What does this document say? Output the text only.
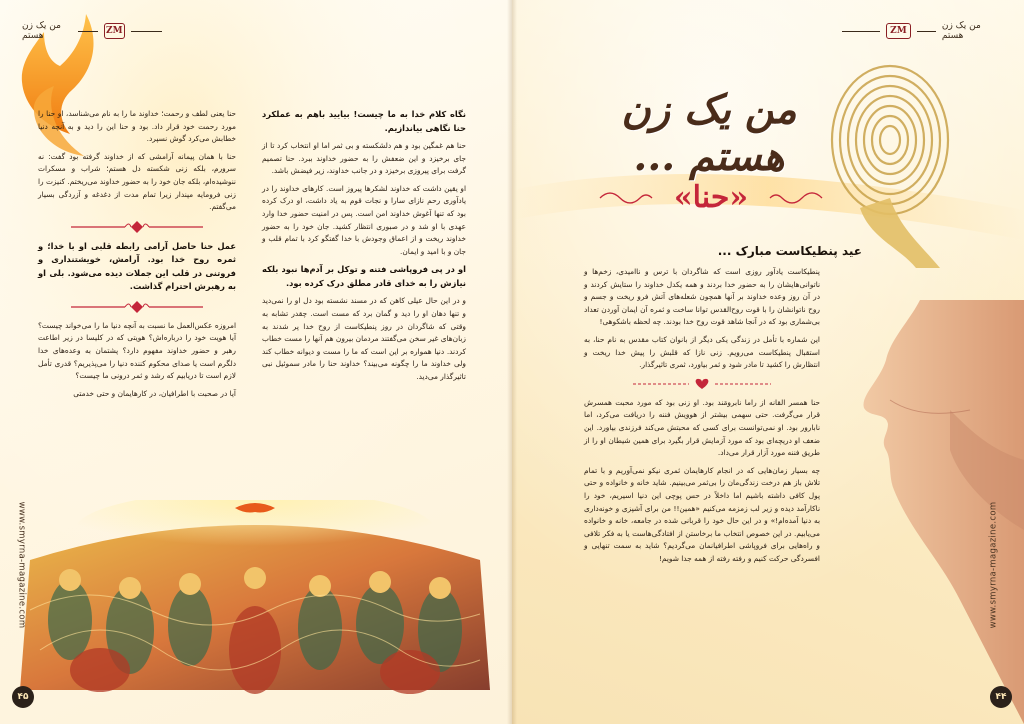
من یک زن هستم	ZM

حنا یعنی لطف و رحمت؛ خداوند ما را به نام می‌شناسد، او حنا را مورد رحمت خود قرار داد. بود و حنا این را دید و به آنچه دنیا خطابش می‌کرد گوش نسپرد.

حنا با همان پیمانه آرامشی که از خداوند گرفته بود گفت: نه سرورم، بلکه زنی شکسته دل هستم؛ شراب و مسکرات ننوشیده‌ام، بلکه جان خود را به حضور خداوند می‌ریختم. کنیزت را زنی فرومایه مپندار زیرا تمام مدت از دغدغه و آزردگی بسیار می‌گفتم.

عمل حنا حاصل آرامی رابطه قلبی او با خدا؛ و ثمره روح خدا بود. آرامش، خویشتنداری و فروتنی در قلب این جملات دیده می‌شود. بلی او به رهبرش احترام گذاشت.

امروزه عکس‌العمل ما نسبت به آنچه دنیا ما را می‌خواند چیست؟ آیا هویت خود را درباره‌اش؟ هویتی که در کلیسا در زیر اطاعت رهبر و حضور خداوند مفهوم دارد؟ پشتمان به وعده‌های خدا دلگرم است یا صدای محکوم کننده دنیا را می‌پذیریم؟ قدری تأمل لازم است تا دریابیم که رشد و ثمر درونی ما چیست؟

آیا در صحبت با اطرافیان، در کارهایمان و حتی خدمتی

نگاه کلام خدا به ما چیست! بیایید باهم به عملکرد حنا نگاهی بیاندازیم.

حنا هم غمگین بود و هم دلشکسته و بی ثمر اما او انتخاب کرد تا از جای برخیزد و این ضعفش را به حضور خداوند ببرد. حنا تصمیم گرفت برای پیروزی برخیزد و در جانب خداوند، زیر فیضش باشد.

او یقین داشت که خداوند لشکرها پیروز است. کارهای خداوند را در یادآوری رحم نازای سارا و نجات قوم به یاد داشت، او درک کرده بود که تنها آغوش خداوند امن است. پس در امنیت حضور خدا وارد عهدی با او شد و در صبوری انتظار کشید. جان خود را به حضور خداوند ریخت و از اعماق وجودش با خدا گفتگو کرد با تمام قلب و جان و با امید و ایمان.

او در پی فروپاشی فتنه و توکل بر آدم‌ها نبود بلکه نیازش را به خدای قادر مطلق درک کرده بود.

و در این حال عیلی کاهن که در مسند نشسته بود دل او را نمی‌دید و تنها دهان او را دید و گمان برد که مست است. چقدر تشابه به وقتی که شاگردان در روز پنطیکاست از روح خدا پر شدند به زبان‌های غیر سخن می‌گفتند مردمان بیرون هم آنها را مست خطاب کردند. دنیا همواره بر این است که ما را مست و دیوانه خطاب کند ولی خداوند ما را چگونه می‌بیند؟ خداوند حنا را مادر سموئیل نبی تاثیرگذار می‌دید.

www.smyrna-magazine.com
۴۵
ZM	من یک زن هستم
من یک زن هستم ...
«حنا»
عید پنطیکاست مبارک ...

پنطیکاست یادآور روزی است که شاگردان با ترس و ناامیدی، زخم‌ها و ناتوانی‌هایشان را به حضور خدا بردند و همه یکدل خداوند را ستایش کردند و در آن روز وعده خداوند بر آنها همچون شعله‌های آتش فرو ریخت و جسم و روح ناتوانشان را با قوت روح‌القدس توانا ساخت و ثمره آن ایمان آوردن تعداد بی‌شماری بود که در آنجا شاهد قوت روح خدا بودند. چه لحظه باشکوهی!

این شماره با تأمل در زندگی یکی دیگر از بانوان کتاب مقدس به نام حنا، به استقبال پنطیکاست می‌رویم. زنی نازا که قلبش را پیش خدا ریخت و انتظارش را کشید تا مادر شود و ثمر بیاورد، ثمری تاثیرگذار.

حنا همسر القانه از راما نابرومَند بود. او زنی بود که مورد محبت همسرش قرار می‌گرفت. حتی سهمی بیشتر از هوویش فننه را دریافت می‌کرد، اما نابارور بود. او نمی‌توانست برای کسی که محبتش می‌کند فرزندی بیاورد. این ضعف او دریچه‌ای بود که مورد آزمایش قرار بگیرد برای همین شیطان او را از طریق فننه مورد آزار قرار می‌داد.

چه بسیار زمان‌هایی که در انجام کارهایمان ثمری نیکو نمی‌آوریم و با تمام تلاش باز هم درخت زندگی‌مان را بی‌ثمر می‌بینیم. شاید خانه و خانواده و حتی پول کافی داشته باشیم اما داخلاً در حس پوچی این دنیا اسیریم، خود را ناکارآمد دیده و زیر لب زمزمه می‌کنیم «همین!! من برای آشپزی و خونه‌داری به دنیا آمده‌ام!» و در این حال خود را قربانی شده در جامعه، خانه و خانواده می‌یابیم. در این خصوص انتخاب ما برخاستن از افتادگی‌هاست یا به فکر تلافی و راه‌هایی برای فروپاشی اطرافیانمان می‌گردیم؟ شاید به سمت تنهایی و افسردگی حرکت کنیم و رفته رفته از همه جدا شویم!	www.smyrna-magazine.com
۴۴
